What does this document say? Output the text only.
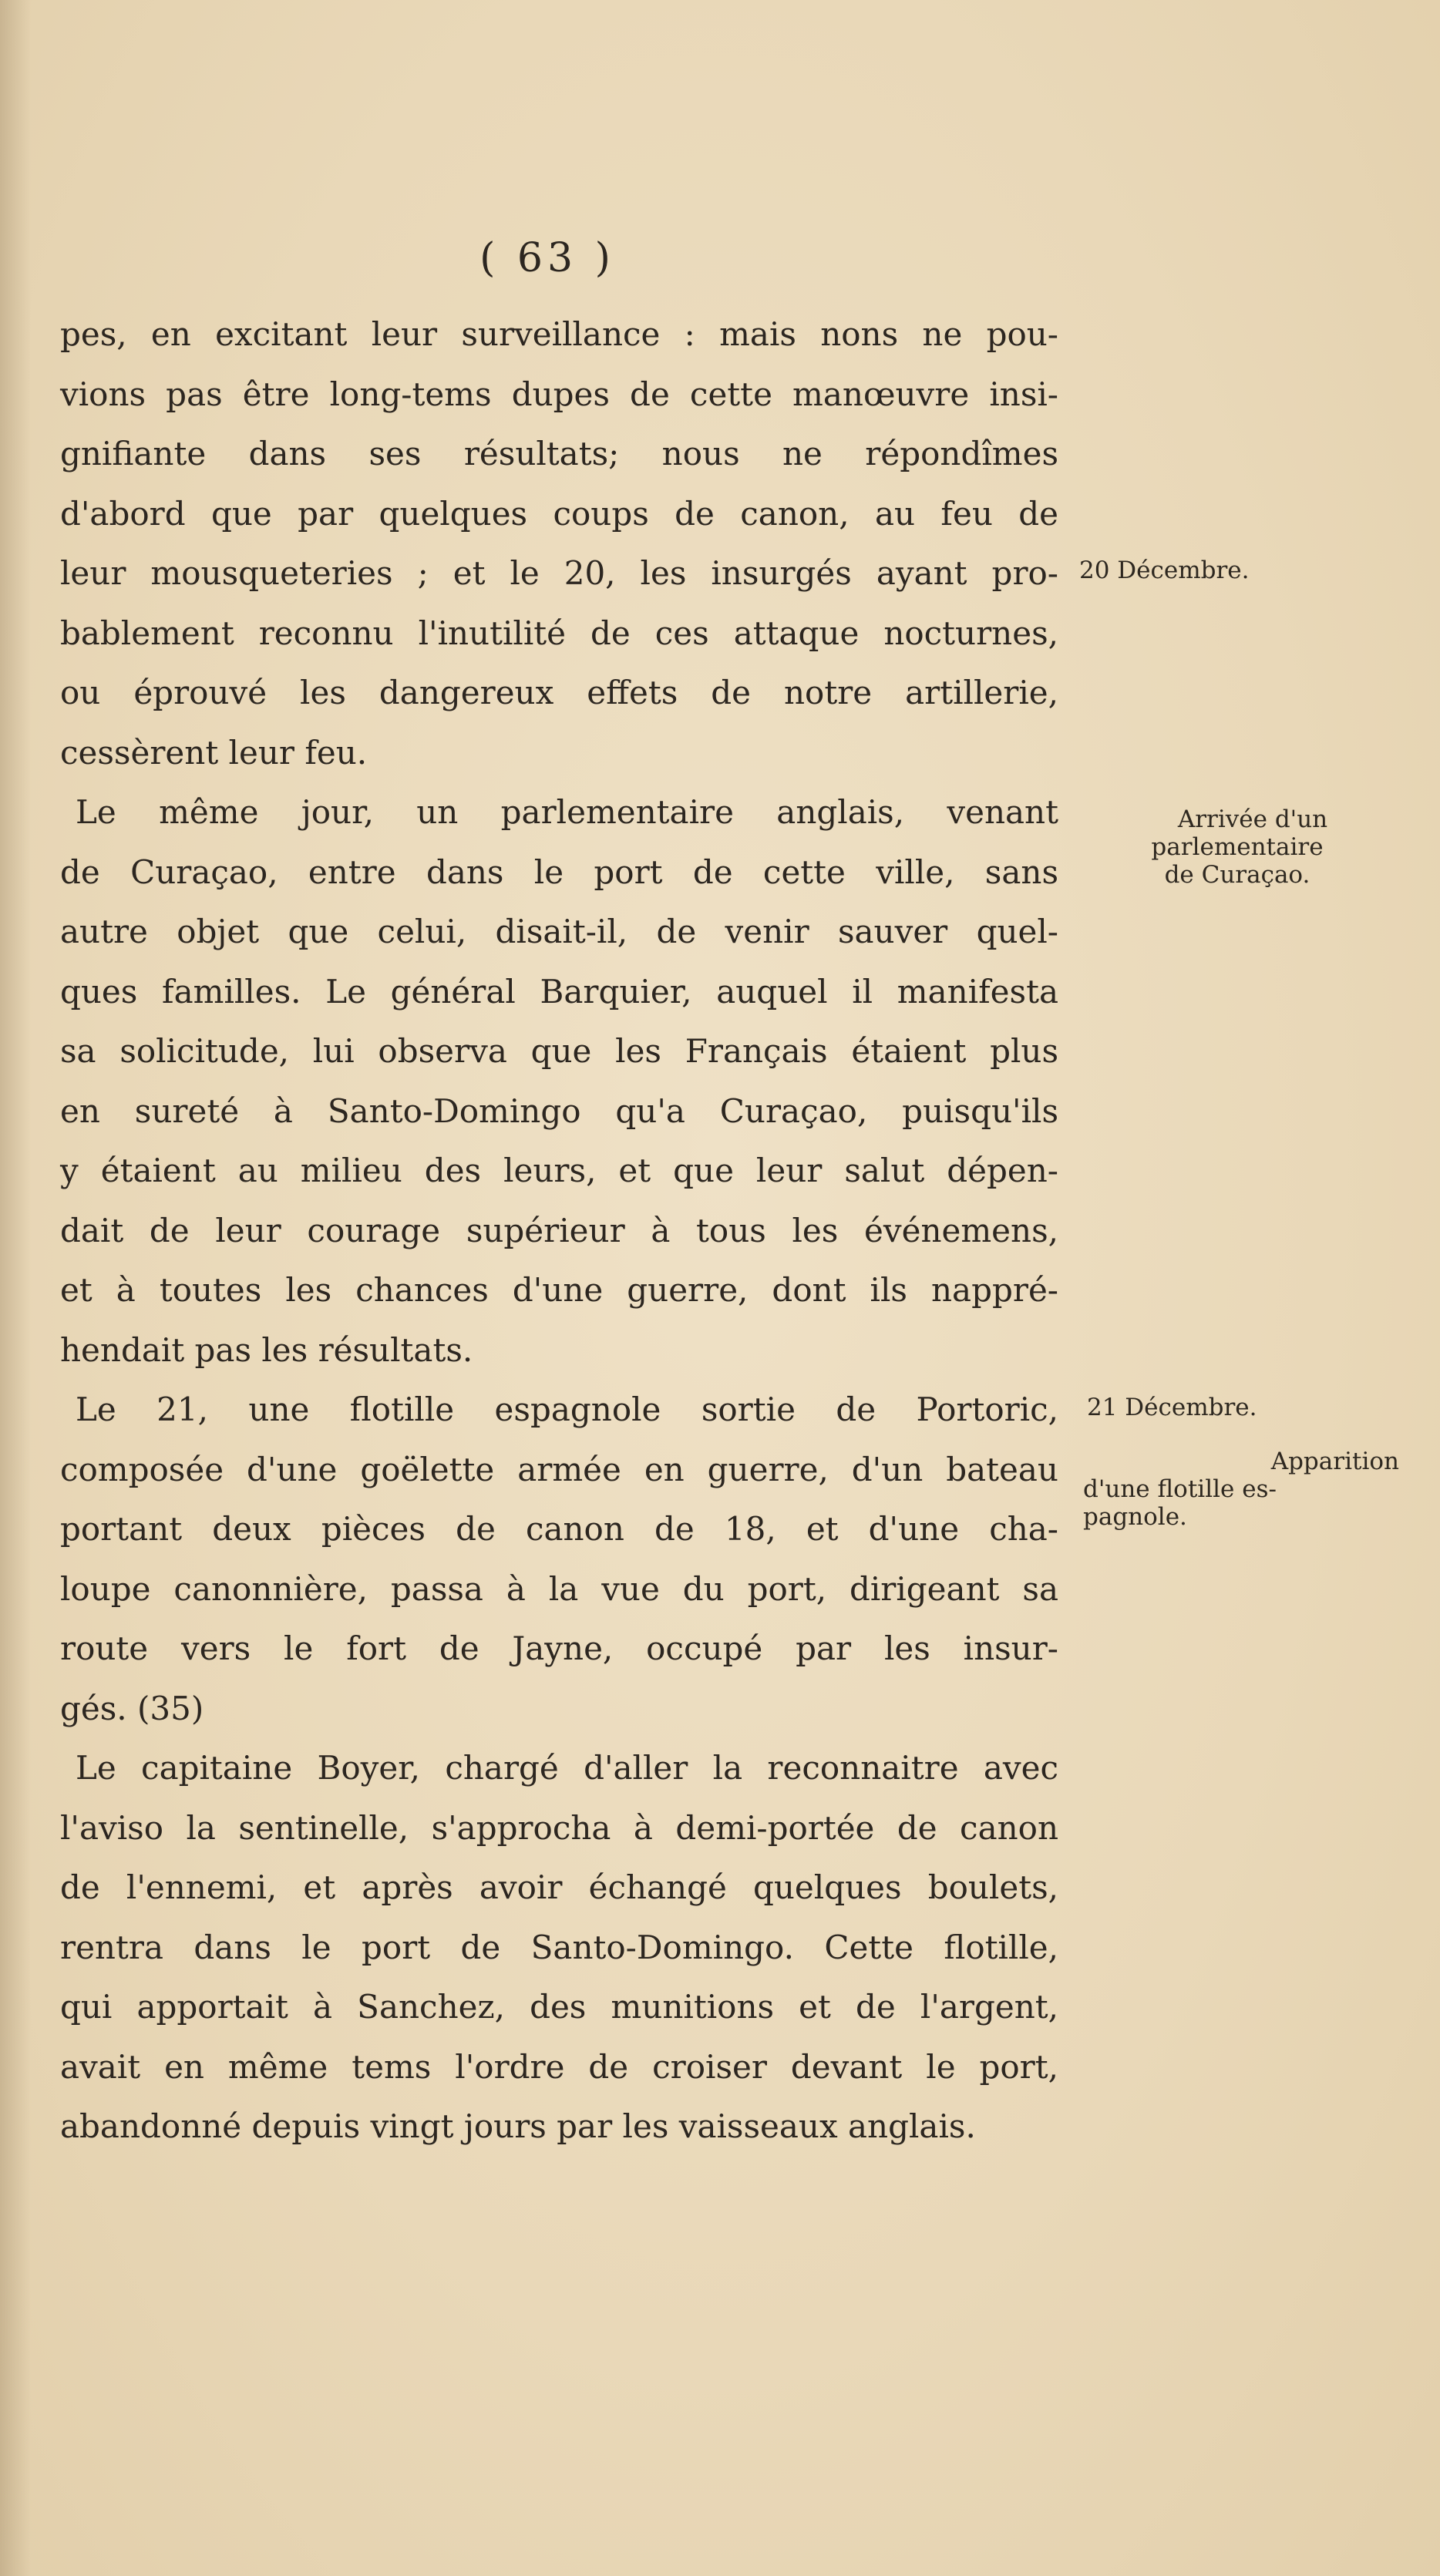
( 63 )
pes, en excitant leur surveillance : mais nons ne pou-
vions pas être long-tems dupes de cette manœuvre insi-
gnifiante dans ses résultats; nous ne répondîmes
d'abord que par quelques coups de canon, au feu de
leur mousqueteries ; et le 20, les insurgés ayant pro-
bablement reconnu l'inutilité de ces attaque nocturnes,
ou éprouvé les dangereux effets de notre artillerie,
cessèrent leur feu.
Le même jour, un parlementaire anglais, venant
de Curaçao, entre dans le port de cette ville, sans
autre objet que celui, disait-il, de venir sauver quel-
ques familles. Le général Barquier, auquel il manifesta
sa solicitude, lui observa que les Français étaient plus
en sureté à Santo-Domingo qu'a Curaçao, puisqu'ils
y étaient au milieu des leurs, et que leur salut dépen-
dait de leur courage supérieur à tous les événemens,
et à toutes les chances d'une guerre, dont ils nappré-
hendait pas les résultats.
Le 21, une flotille espagnole sortie de Portoric,
composée d'une goëlette armée en guerre, d'un bateau
portant deux pièces de canon de 18, et d'une cha-
loupe canonnière, passa à la vue du port, dirigeant sa
route vers le fort de Jayne, occupé par les insur-
gés. (35)
Le capitaine Boyer, chargé d'aller la reconnaitre avec
l'aviso la sentinelle, s'approcha à demi-portée de canon
de l'ennemi, et après avoir échangé quelques boulets,
rentra dans le port de Santo-Domingo. Cette flotille,
qui apportait à Sanchez, des munitions et de l'argent,
avait en même tems l'ordre de croiser devant le port,
abandonné depuis vingt jours par les vaisseaux anglais.
20 Décembre.
Arrivée d'un
parlementaire
de Curaçao.
21 Décembre.
Apparition
d'une flotille es-
pagnole.
